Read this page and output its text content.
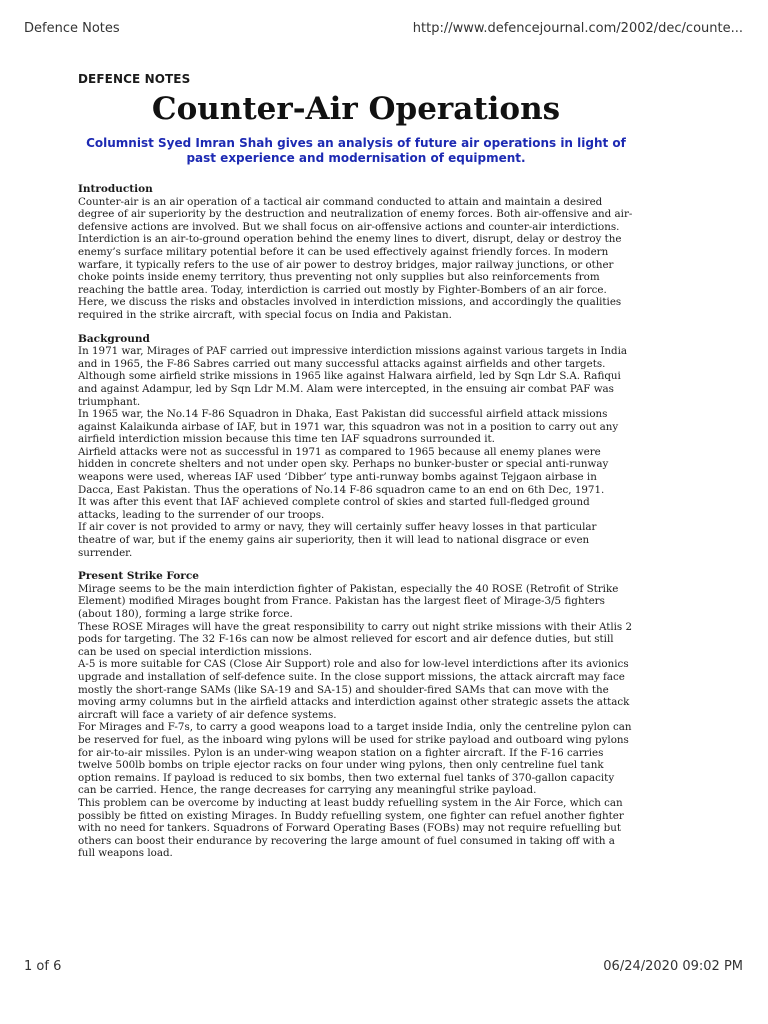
Defence Notes	http://www.defencejournal.com/2002/dec/counte...

DEFENCE NOTES

Counter-Air Operations

Columnist Syed Imran Shah gives an analysis of future air operations in light of past experience and modernisation of equipment.

Introduction

Counter-air is an air operation of a tactical air command conducted to attain and maintain a desired degree of air superiority by the destruction and neutralization of enemy forces. Both air-offensive and air-defensive actions are involved. But we shall focus on air-offensive actions and counter-air interdictions.

Interdiction is an air-to-ground operation behind the enemy lines to divert, disrupt, delay or destroy the enemy’s surface military potential before it can be used effectively against friendly forces. In modern warfare, it typically refers to the use of air power to destroy bridges, major railway junctions, or other choke points inside enemy territory, thus preventing not only supplies but also reinforcements from reaching the battle area. Today, interdiction is carried out mostly by Fighter-Bombers of an air force.

Here, we discuss the risks and obstacles involved in interdiction missions, and accordingly the qualities required in the strike aircraft, with special focus on India and Pakistan.

Background

In 1971 war, Mirages of PAF carried out impressive interdiction missions against various targets in India and in 1965, the F-86 Sabres carried out many successful attacks against airfields and other targets.

Although some airfield strike missions in 1965 like against Halwara airfield, led by Sqn Ldr S.A. Rafiqui and against Adampur, led by Sqn Ldr M.M. Alam were intercepted, in the ensuing air combat PAF was triumphant.

In 1965 war, the No.14 F-86 Squadron in Dhaka, East Pakistan did successful airfield attack missions against Kalaikunda airbase of IAF, but in 1971 war, this squadron was not in a position to carry out any airfield interdiction mission because this time ten IAF squadrons surrounded it.

Airfield attacks were not as successful in 1971 as compared to 1965 because all enemy planes were hidden in concrete shelters and not under open sky. Perhaps no bunker-buster or special anti-runway weapons were used, whereas IAF used ‘Dibber’ type anti-runway bombs against Tejgaon airbase in Dacca, East Pakistan. Thus the operations of No.14 F-86 squadron came to an end on 6th Dec, 1971.

It was after this event that IAF achieved complete control of skies and started full-fledged ground attacks, leading to the surrender of our troops.

If air cover is not provided to army or navy, they will certainly suffer heavy losses in that particular theatre of war, but if the enemy gains air superiority, then it will lead to national disgrace or even surrender.

Present Strike Force

Mirage seems to be the main interdiction fighter of Pakistan, especially the 40 ROSE (Retrofit of Strike Element) modified Mirages bought from France. Pakistan has the largest fleet of Mirage-3/5 fighters (about 180), forming a large strike force.

These ROSE Mirages will have the great responsibility to carry out night strike missions with their Atlis 2 pods for targeting. The 32 F-16s can now be almost relieved for escort and air defence duties, but still can be used on special interdiction missions.

A-5 is more suitable for CAS (Close Air Support) role and also for low-level interdictions after its avionics upgrade and installation of self-defence suite. In the close support missions, the attack aircraft may face mostly the short-range SAMs (like SA-19 and SA-15) and shoulder-fired SAMs that can move with the moving army columns but in the airfield attacks and interdiction against other strategic assets the attack aircraft will face a variety of air defence systems.

For Mirages and F-7s, to carry a good weapons load to a target inside India, only the centreline pylon can be reserved for fuel, as the inboard wing pylons will be used for strike payload and outboard wing pylons for air-to-air missiles. Pylon is an under-wing weapon station on a fighter aircraft. If the F-16 carries twelve 500lb bombs on triple ejector racks on four under wing pylons, then only centreline fuel tank option remains. If payload is reduced to six bombs, then two external fuel tanks of 370-gallon capacity can be carried. Hence, the range decreases for carrying any meaningful strike payload.

This problem can be overcome by inducting at least buddy refuelling system in the Air Force, which can possibly be fitted on existing Mirages. In Buddy refuelling system, one fighter can refuel another fighter with no need for tankers. Squadrons of Forward Operating Bases (FOBs) may not require refuelling but others can boost their endurance by recovering the large amount of fuel consumed in taking off with a full weapons load.

1 of 6	06/24/2020 09:02 PM
